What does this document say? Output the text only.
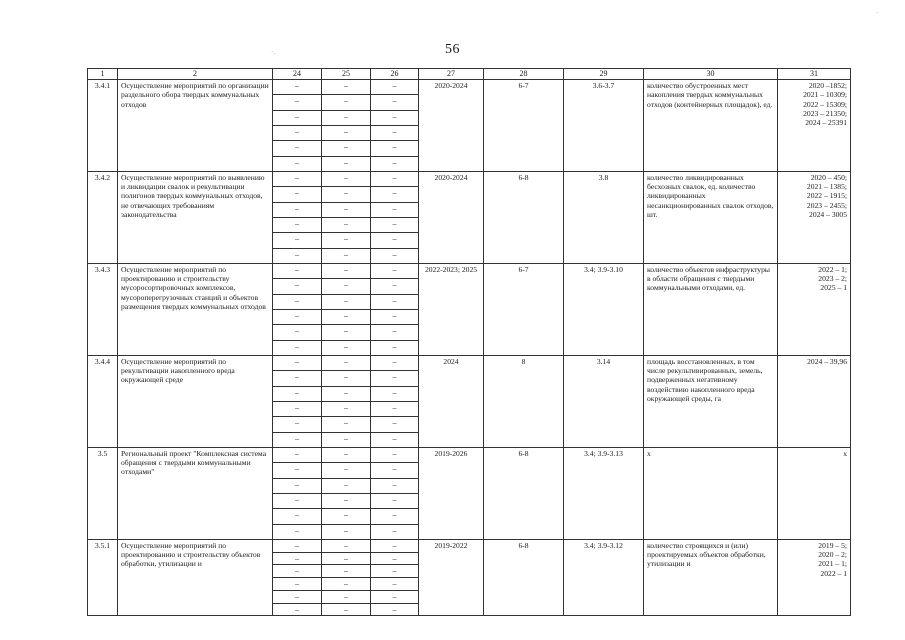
56
·.
·
1	2	24	25	26	27	28	29	30	31
3.4.1	Осуществление мероприятий по организации раздельного обора твердых коммунальных отходов	–	–	–	2020-2024	6-7	3.6-3.7	количество обустроенных мест накопления твердых коммунальных отходов (контейнерных площадок), ед.	2020 –1852;
2021 – 10309;
2022 – 15309;
2023 – 21350;
2024 – 25391

		–	–	–					
		–	–	–					
		–	–	–					
		–	–	–					
		–	–	–					
3.4.2	Осуществление мероприятий по выявлению и ликвидации свалок и рекультивации полигонов твердых коммунальных отходов, не отвечающих требованиям законодательства	–	–	–	2020-2024	6-8	3.8	количество ликвидированных бесхозных свалок, ед. количество ликвидированных несанкционированных свалок отходов, шт.	2020 – 450;
2021 – 1385;
2022 – 1915;
2023 – 2455;
2024 – 3005

		–	–	–					
		–	–	–					
		–	–	–					
		–	–	–					
		–	–	–					
3.4.3	Осуществление мероприятий по проектированию и строительству мусоросортировочных комплексов, мусороперегрузочных станций и объектов размещения твердых коммунальных отходов	–	–	–	2022-2023; 2025	6-7	3.4; 3.9-3.10	количество объектов инфраструктуры в области обращения с твердыми коммунальными отходами, ед.	2022 – 1;
2023 – 2;
2025 – 1

		–	–	–					
		–	–	–					
		–	–	–					
		–	–	–					
		–	–	–					
3.4.4	Осуществление мероприятий по рекультивации накопленного вреда окружающей среде	–	–	–	2024	8	3.14	площадь восстановленных, в том числе рекультивированных, земель, подверженных негативному воздействию накопленного вреда окружающей среды, га	2024 – 39,96

		–	–	–					
		–	–	–					
		–	–	–					
		–	–	–					
		–	–	–					
3.5	Региональный проект "Комплексная система обращения с твердыми коммунальными отходами"	–	–	–	2019-2026	6-8	3.4; 3.9-3.13	х	х

		–	–	–					
		–	–	–					
		–	–	–					
		–	–	–					
		–	–	–					
3.5.1	Осуществление мероприятий по проектированию и строительству объектов обработки, утилизации и	–	–	–	2019-2022	6-8	3.4; 3.9-3.12	количество строящихся и (или) проектируемых объектов обработки, утилизации и	2019 – 5;
2020 – 2;
2021 – 1;
2022 – 1

		–	–	–					
		–	–	–					
		–	–	–					
		–	–	–					
		–	–	–					
